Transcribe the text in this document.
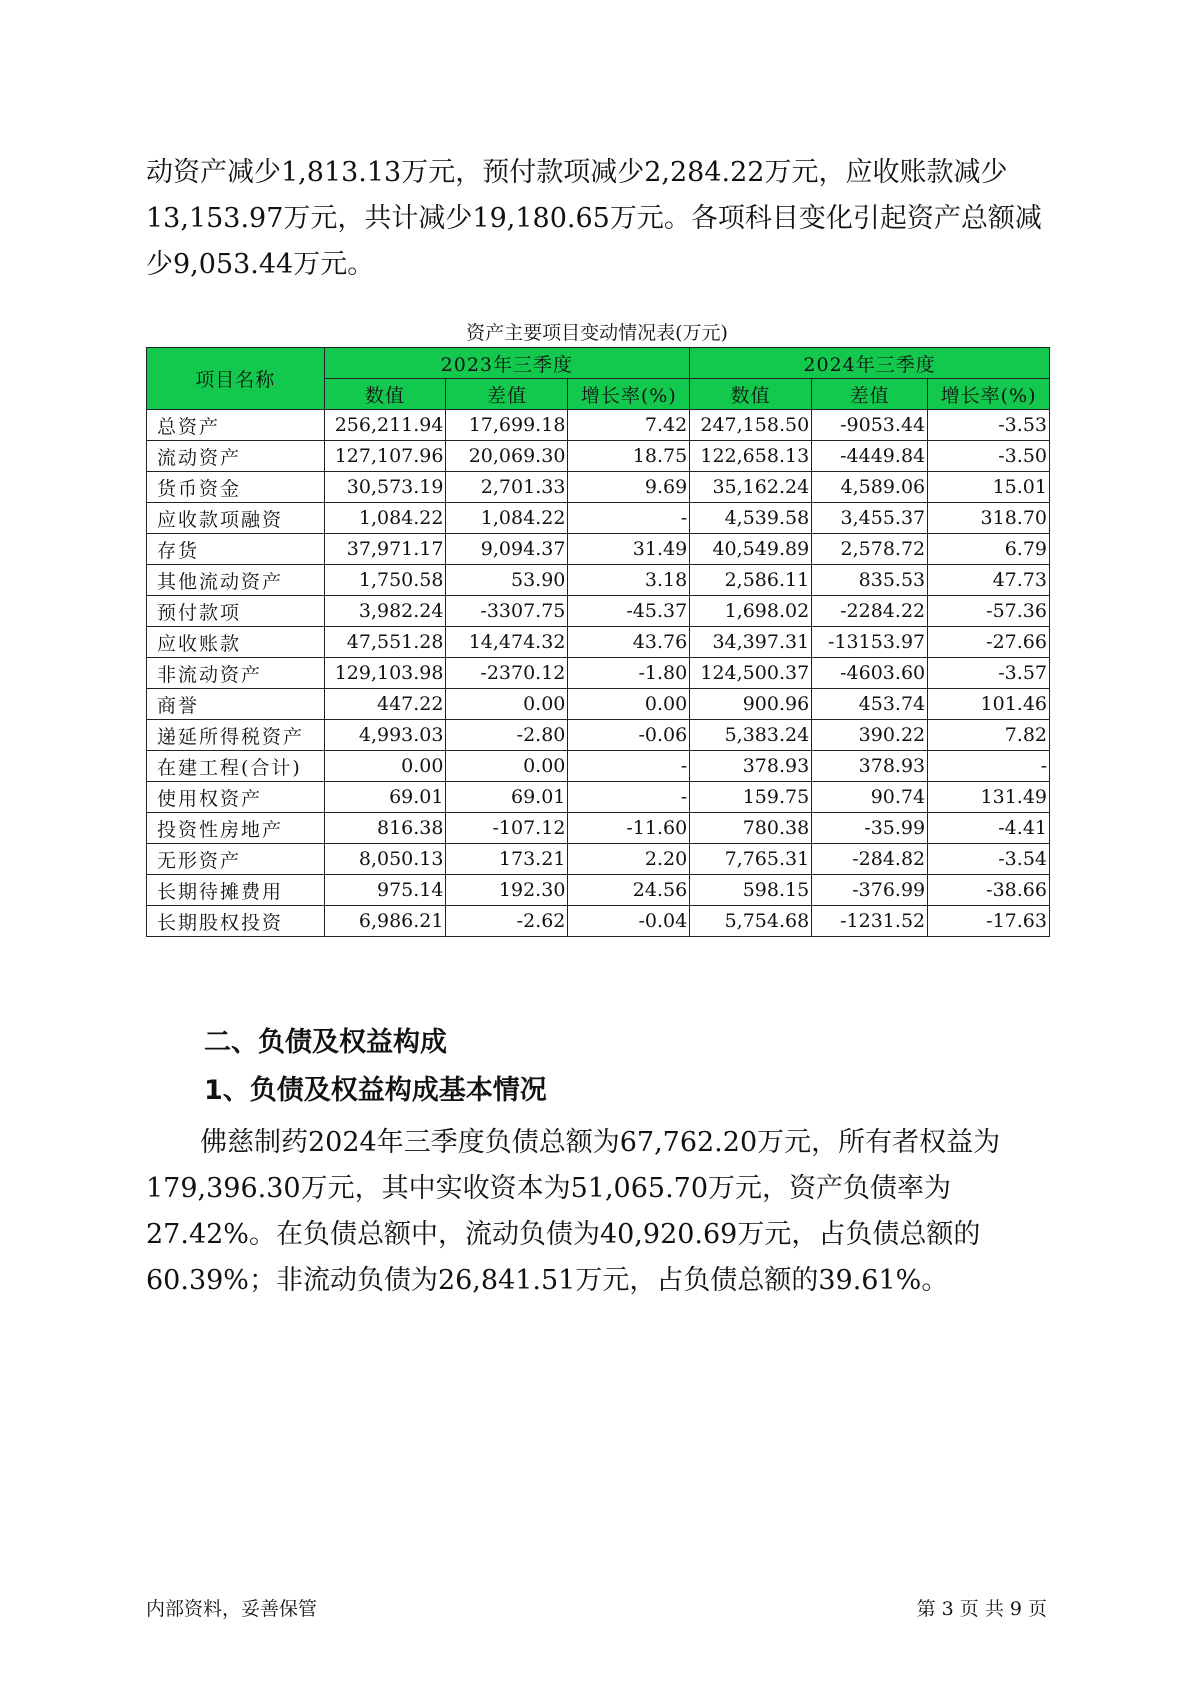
动资产减少1,813.13万元，预付款项减少2,284.22万元，应收账款减少13,153.97万元，共计减少19,180.65万元。各项科目变化引起资产总额减少9,053.44万元。

资产主要项目变动情况表(万元)
项目名称	2023年三季度			2024年三季度		
	数值	差值	增长率(%)	数值	差值	增长率(%)
总资产	256,211.94	17,699.18	7.42	247,158.50	-9053.44	-3.53
流动资产	127,107.96	20,069.30	18.75	122,658.13	-4449.84	-3.50
货币资金	30,573.19	2,701.33	9.69	35,162.24	4,589.06	15.01
应收款项融资	1,084.22	1,084.22	-	4,539.58	3,455.37	318.70
存货	37,971.17	9,094.37	31.49	40,549.89	2,578.72	6.79
其他流动资产	1,750.58	53.90	3.18	2,586.11	835.53	47.73
预付款项	3,982.24	-3307.75	-45.37	1,698.02	-2284.22	-57.36
应收账款	47,551.28	14,474.32	43.76	34,397.31	-13153.97	-27.66
非流动资产	129,103.98	-2370.12	-1.80	124,500.37	-4603.60	-3.57
商誉	447.22	0.00	0.00	900.96	453.74	101.46
递延所得税资产	4,993.03	-2.80	-0.06	5,383.24	390.22	7.82
在建工程(合计)	0.00	0.00	-	378.93	378.93	-
使用权资产	69.01	69.01	-	159.75	90.74	131.49
投资性房地产	816.38	-107.12	-11.60	780.38	-35.99	-4.41
无形资产	8,050.13	173.21	2.20	7,765.31	-284.82	-3.54
长期待摊费用	975.14	192.30	24.56	598.15	-376.99	-38.66
长期股权投资	6,986.21	-2.62	-0.04	5,754.68	-1231.52	-17.63
二、负债及权益构成
1、负债及权益构成基本情况

佛慈制药2024年三季度负债总额为67,762.20万元，所有者权益为179,396.30万元，其中实收资本为51,065.70万元，资产负债率为27.42%。在负债总额中，流动负债为40,920.69万元，占负债总额的60.39%；非流动负债为26,841.51万元，占负债总额的39.61%。

内部资料，妥善保管	第 3 页 共 9 页
